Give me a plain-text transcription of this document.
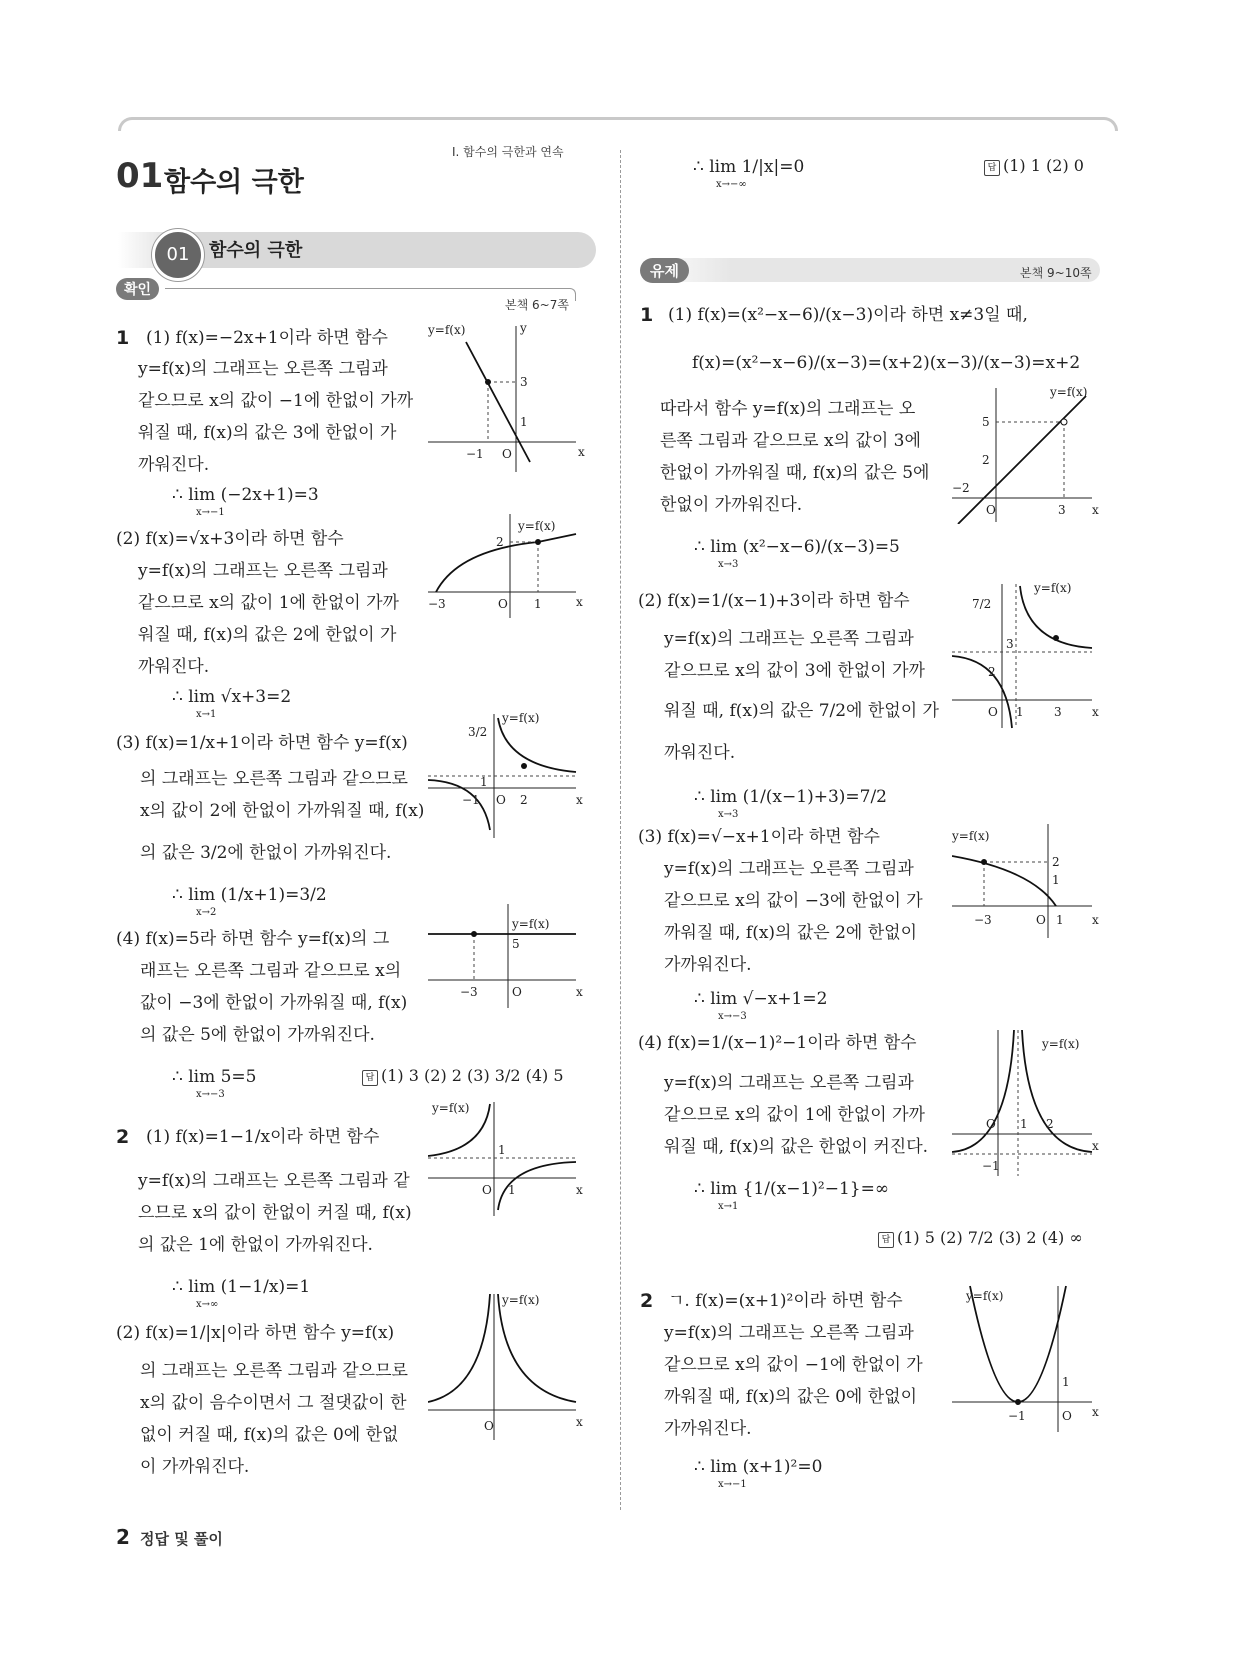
I. 함수의 극한과 연속
01 함수의 극한
01	함수의 극한
확인
본책 6~7쪽
1 (1) f(x)=−2x+1이라 하면 함수
y=f(x)의 그래프는 오른쪽 그림과
같으므로 x의 값이 −1에 한없이 가까
워질 때, f(x)의 값은 3에 한없이 가
까워진다.
∴ lim (−2x+1)=3
x→−1
(2) f(x)=√x+3이라 하면 함수
y=f(x)의 그래프는 오른쪽 그림과
같으므로 x의 값이 1에 한없이 가까
워질 때, f(x)의 값은 2에 한없이 가
까워진다.
∴ lim √x+3=2
x→1
(3) f(x)=1/x+1이라 하면 함수 y=f(x)
의 그래프는 오른쪽 그림과 같으므로
x의 값이 2에 한없이 가까워질 때, f(x)
의 값은 3/2에 한없이 가까워진다.
∴ lim (1/x+1)=3/2
x→2
(4) f(x)=5라 하면 함수 y=f(x)의 그
래프는 오른쪽 그림과 같으므로 x의
값이 −3에 한없이 가까워질 때, f(x)
의 값은 5에 한없이 가까워진다.
∴ lim 5=5
x→−3
답 (1) 3 (2) 2 (3) 3/2 (4) 5
2 (1) f(x)=1−1/x이라 하면 함수
y=f(x)의 그래프는 오른쪽 그림과 같
으므로 x의 값이 한없이 커질 때, f(x)
의 값은 1에 한없이 가까워진다.
∴ lim (1−1/x)=1
x→∞
(2) f(x)=1/|x|이라 하면 함수 y=f(x)
의 그래프는 오른쪽 그림과 같으므로
x의 값이 음수이면서 그 절댓값이 한
없이 커질 때, f(x)의 값은 0에 한없
이 가까워진다.
∴ lim 1/|x|=0
x→−∞
답 (1) 1 (2) 0
유제	본책 9~10쪽
1 (1) f(x)=(x²−x−6)/(x−3)이라 하면 x≠3일 때,
f(x)=(x²−x−6)/(x−3)=(x+2)(x−3)/(x−3)=x+2
따라서 함수 y=f(x)의 그래프는 오
른쪽 그림과 같으므로 x의 값이 3에
한없이 가까워질 때, f(x)의 값은 5에
한없이 가까워진다.
∴ lim (x²−x−6)/(x−3)=5
x→3
(2) f(x)=1/(x−1)+3이라 하면 함수
y=f(x)의 그래프는 오른쪽 그림과
같으므로 x의 값이 3에 한없이 가까
워질 때, f(x)의 값은 7/2에 한없이 가
까워진다.
∴ lim (1/(x−1)+3)=7/2
x→3
(3) f(x)=√−x+1이라 하면 함수
y=f(x)의 그래프는 오른쪽 그림과
같으므로 x의 값이 −3에 한없이 가
까워질 때, f(x)의 값은 2에 한없이
가까워진다.
∴ lim √−x+1=2
x→−3
(4) f(x)=1/(x−1)²−1이라 하면 함수
y=f(x)의 그래프는 오른쪽 그림과
같으므로 x의 값이 1에 한없이 가까
워질 때, f(x)의 값은 한없이 커진다.
∴ lim {1/(x−1)²−1}=∞
x→1
답 (1) 5 (2) 7/2 (3) 2 (4) ∞
2 ㄱ. f(x)=(x+1)²이라 하면 함수
y=f(x)의 그래프는 오른쪽 그림과
같으므로 x의 값이 −1에 한없이 가
까워질 때, f(x)의 값은 0에 한없이
가까워진다.
∴ lim (x+1)²=0
x→−1
2 정답 및 풀이
y=f(x)
3
1
−1 O	x
y
y=f(x)
2
−3	O 1	x
y=f(x)
3/2
1
−1 O 2	x
y=f(x)
5
−3	O	x
y=f(x)
1
O 1	x
y=f(x)
O	x
y=f(x)
5
2
−2
O	3 x
y=f(x)
7/2
3
2
O 1	3	x
y=f(x)
2
1
−3	O 1 x
y=f(x)
O 1 2
−1
x
y=f(x)
1
−1	O x
